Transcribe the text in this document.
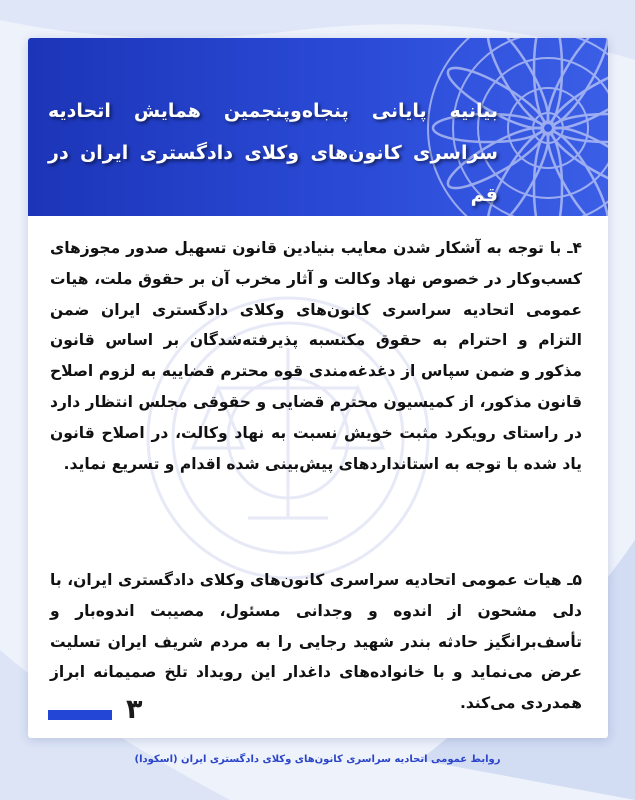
بیانیه پایانی پنجاه‌وپنجمین همایش اتحادیه سراسری کانون‌های وکلای دادگستری ایران در قم
۴ـ با توجه به آشکار شدن معایب بنیادین قانون تسهیل صدور مجوزهای کسب‌وکار در خصوص نهاد وکالت و آثار مخرب آن بر حقوق ملت، هیات عمومی اتحادیه سراسری کانون‌های وکلای دادگستری ایران ضمن التزام و احترام به حقوق مکتسبه پذیرفته‌شدگان بر اساس قانون مذکور و ضمن سپاس از دغدغه‌مندی قوه محترم قضاییه به لزوم اصلاح قانون مذکور، از کمیسیون محترم قضایی و حقوقی مجلس انتظار دارد در راستای رویکرد مثبت خویش نسبت به نهاد وکالت، در اصلاح قانون یاد شده با توجه به استانداردهای پیش‌بینی شده اقدام و تسریع نماید.
۵ـ هیات عمومی اتحادیه سراسری کانون‌های وکلای دادگستری ایران، با دلی مشحون از اندوه و وجدانی مسئول، مصیبت اندوه‌بار و تأسف‌برانگیز حادثه بندر شهید رجایی را به مردم شریف ایران تسلیت عرض می‌نماید و با خانواده‌های داغدار این رویداد تلخ صمیمانه ابراز همدردی می‌کند.
۳
روابط عمومی اتحادیه سراسری کانون‌های وکلای دادگستری ایران (اسکودا)
